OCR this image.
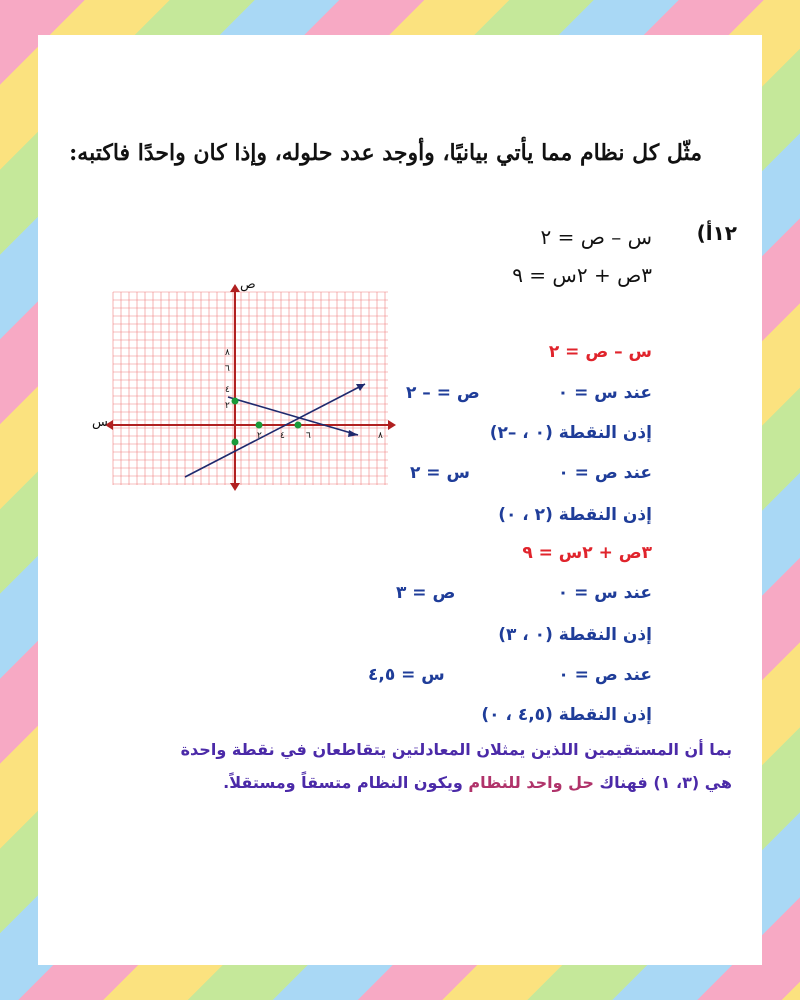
مثّل كل نظام مما يأتي بيانيًا، وأوجد عدد حلوله، وإذا كان واحدًا فاكتبه:
١٢أ)
س – ص = ٢
٣ص + ٢س = ٩
س
ص
٢ ٤ ٦	٨
٢
٤
٦
٨	س – ص = ٢
عند س = ٠
ص = – ٢
إذن النقطة (٠ ، –٢)
عند ص = ٠
س = ٢
إذن النقطة (٢ ، ٠)
٣ص + ٢س = ٩
عند س = ٠
ص = ٣
إذن النقطة (٠ ، ٣)
عند ص = ٠
س = ٤,٥
إذن النقطة (٤,٥ ، ٠)
بما أن المستقيمين اللذين يمثلان المعادلتين يتقاطعان في نقطة واحدة
هي (٣، ١) فهناك حل واحد للنظام ويكون النظام متسقاً ومستقلاً.
